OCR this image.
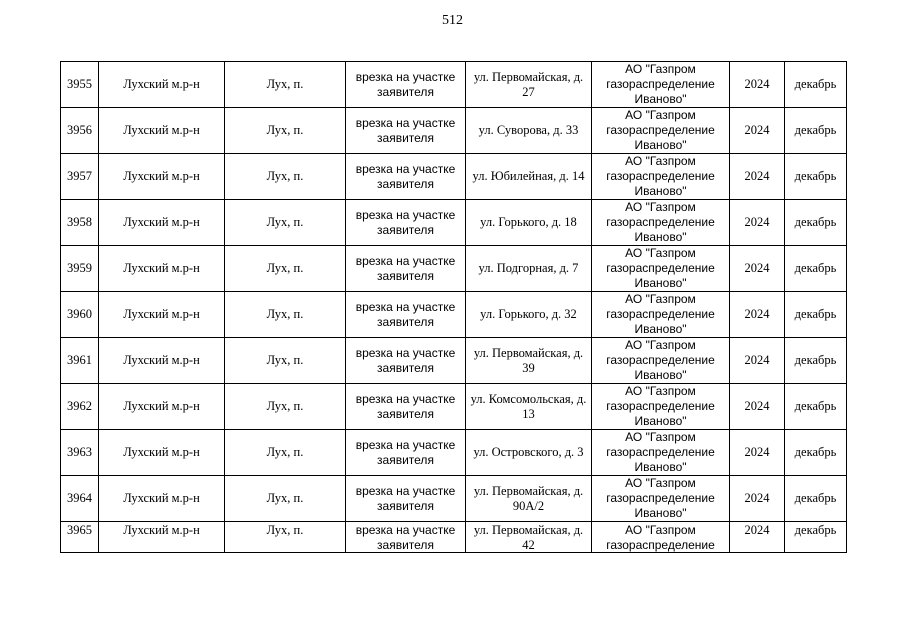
512
3955	Лухский м.р-н	Лух, п.	врезка на участке заявителя	ул. Первомайская, д. 27	АО "Газпром газораспределение Иваново"	2024	декабрь
3956	Лухский м.р-н	Лух, п.	врезка на участке заявителя	ул. Суворова, д. 33	АО "Газпром газораспределение Иваново"	2024	декабрь
3957	Лухский м.р-н	Лух, п.	врезка на участке заявителя	ул. Юбилейная, д. 14	АО "Газпром газораспределение Иваново"	2024	декабрь
3958	Лухский м.р-н	Лух, п.	врезка на участке заявителя	ул. Горького, д. 18	АО "Газпром газораспределение Иваново"	2024	декабрь
3959	Лухский м.р-н	Лух, п.	врезка на участке заявителя	ул. Подгорная, д. 7	АО "Газпром газораспределение Иваново"	2024	декабрь
3960	Лухский м.р-н	Лух, п.	врезка на участке заявителя	ул. Горького, д. 32	АО "Газпром газораспределение Иваново"	2024	декабрь
3961	Лухский м.р-н	Лух, п.	врезка на участке заявителя	ул. Первомайская, д. 39	АО "Газпром газораспределение Иваново"	2024	декабрь
3962	Лухский м.р-н	Лух, п.	врезка на участке заявителя	ул. Комсомольская, д. 13	АО "Газпром газораспределение Иваново"	2024	декабрь
3963	Лухский м.р-н	Лух, п.	врезка на участке заявителя	ул. Островского, д. 3	АО "Газпром газораспределение Иваново"	2024	декабрь
3964	Лухский м.р-н	Лух, п.	врезка на участке заявителя	ул. Первомайская, д. 90А/2	АО "Газпром газораспределение Иваново"	2024	декабрь

3965	Лухский м.р-н	Лух, п.	врезка на участке заявителя	ул. Первомайская, д. 42	АО "Газпром газораспределение	2024	декабрь
